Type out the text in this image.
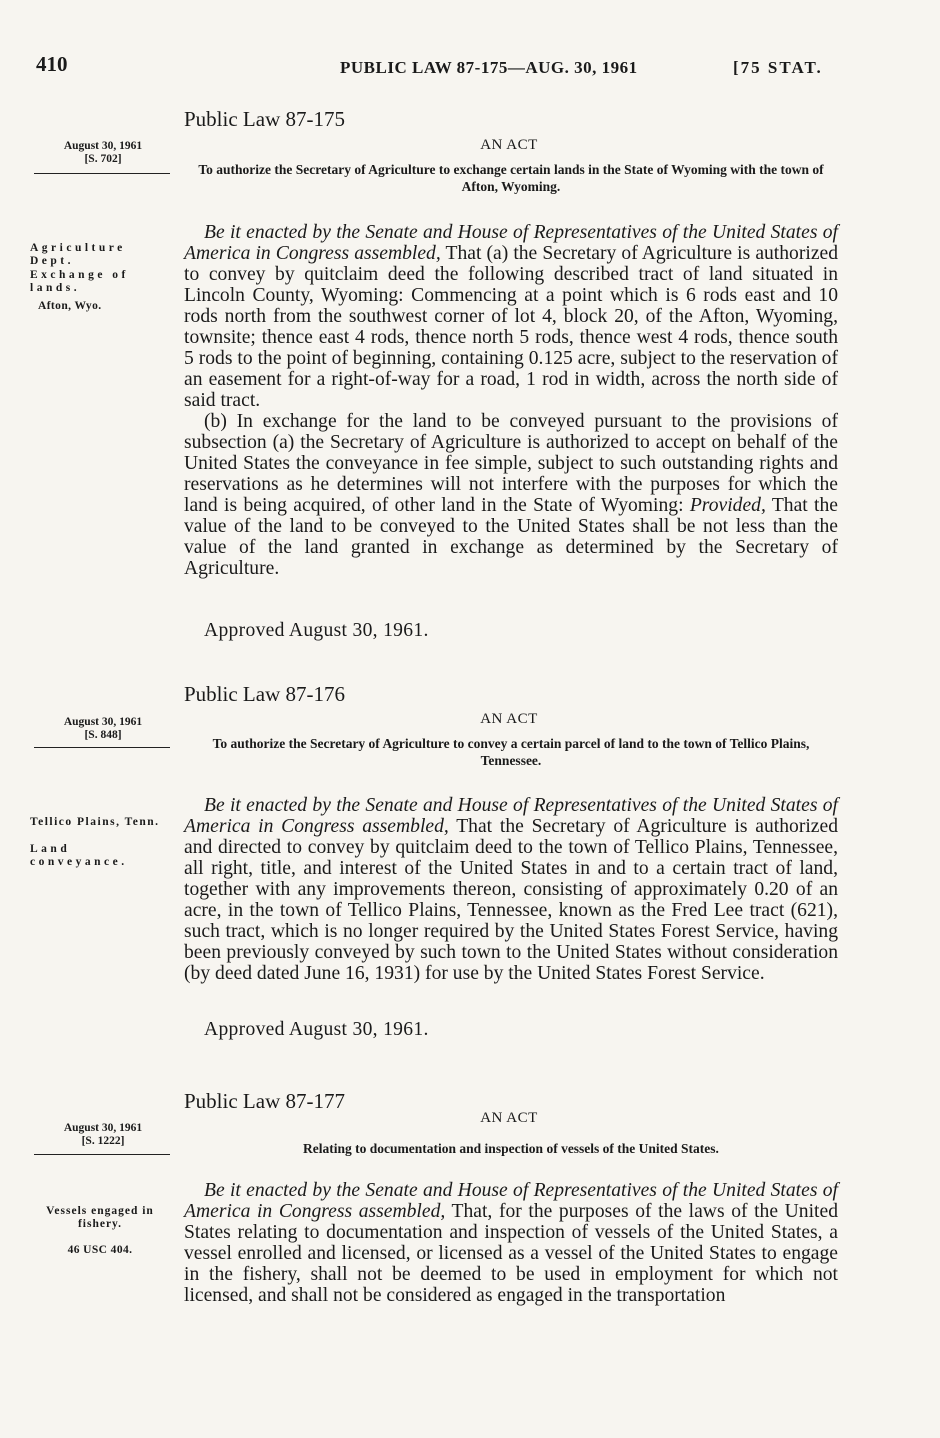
410	PUBLIC LAW 87-175—AUG. 30, 1961	[75 STAT.
Public Law 87-175
AN ACT
To authorize the Secretary of Agriculture to exchange certain lands in the State of Wyoming with the town of Afton, Wyoming.
August 30, 1961
[S. 702]
Agriculture Dept.
Exchange of lands.
Afton, Wyo.

Be it enacted by the Senate and House of Representatives of the United States of America in Congress assembled, That (a) the Secretary of Agriculture is authorized to convey by quitclaim deed the following described tract of land situated in Lincoln County, Wyoming: Commencing at a point which is 6 rods east and 10 rods north from the southwest corner of lot 4, block 20, of the Afton, Wyoming, townsite; thence east 4 rods, thence north 5 rods, thence west 4 rods, thence south 5 rods to the point of beginning, containing 0.125 acre, subject to the reservation of an easement for a right-of-way for a road, 1 rod in width, across the north side of said tract.

(b) In exchange for the land to be conveyed pursuant to the provisions of subsection (a) the Secretary of Agriculture is authorized to accept on behalf of the United States the conveyance in fee simple, subject to such outstanding rights and reservations as he determines will not interfere with the purposes for which the land is being acquired, of other land in the State of Wyoming: Provided, That the value of the land to be conveyed to the United States shall be not less than the value of the land granted in exchange as determined by the Secretary of Agriculture.

Approved August 30, 1961.
Public Law 87-176
AN ACT
To authorize the Secretary of Agriculture to convey a certain parcel of land to the town of Tellico Plains, Tennessee.
August 30, 1961
[S. 848]
Tellico Plains, Tenn.
Land conveyance.

Be it enacted by the Senate and House of Representatives of the United States of America in Congress assembled, That the Secretary of Agriculture is authorized and directed to convey by quitclaim deed to the town of Tellico Plains, Tennessee, all right, title, and interest of the United States in and to a certain tract of land, together with any improvements thereon, consisting of approximately 0.20 of an acre, in the town of Tellico Plains, Tennessee, known as the Fred Lee tract (621), such tract, which is no longer required by the United States Forest Service, having been previously conveyed by such town to the United States without consideration (by deed dated June 16, 1931) for use by the United States Forest Service.

Approved August 30, 1961.
Public Law 87-177
AN ACT
Relating to documentation and inspection of vessels of the United States.
August 30, 1961
[S. 1222]
Vessels engaged in fishery.
46 USC 404.

Be it enacted by the Senate and House of Representatives of the United States of America in Congress assembled, That, for the purposes of the laws of the United States relating to documentation and inspection of vessels of the United States, a vessel enrolled and licensed, or licensed as a vessel of the United States to engage in the fishery, shall not be deemed to be used in employment for which not licensed, and shall not be considered as engaged in the transportation
